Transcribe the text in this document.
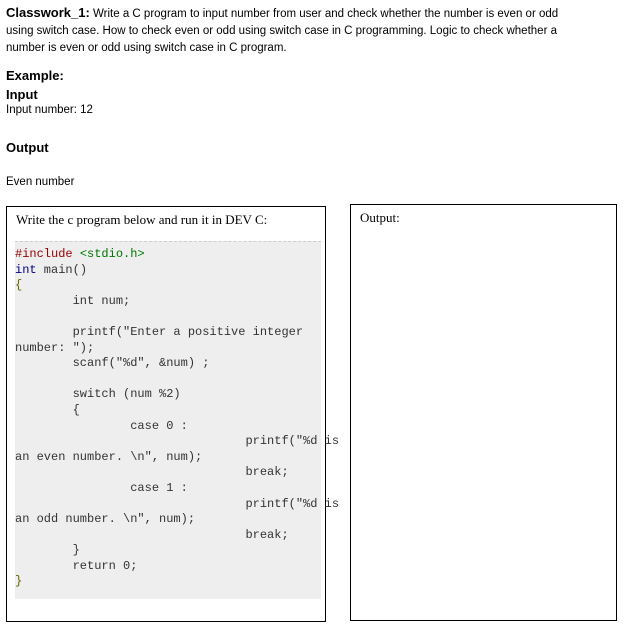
Classwork_1: Write a C program to input number from user and check whether the number is even or odd using switch case. How to check even or odd using switch case in C programming. Logic to check whether a number is even or odd using switch case in C program.
Example:
Input
Input number: 12
Output
Even number
Write the c program below and run it in DEV C:
#include <stdio.h>
int main()
{
int num;

printf("Enter a positive integer
number: ");
scanf("%d", &num) ;

switch (num %2)
{
case 0 :
printf("%d is
an even number. \n", num);
break;
case 1 :
printf("%d is
an odd number. \n", num);
break;
}
return 0;
}
Output:
